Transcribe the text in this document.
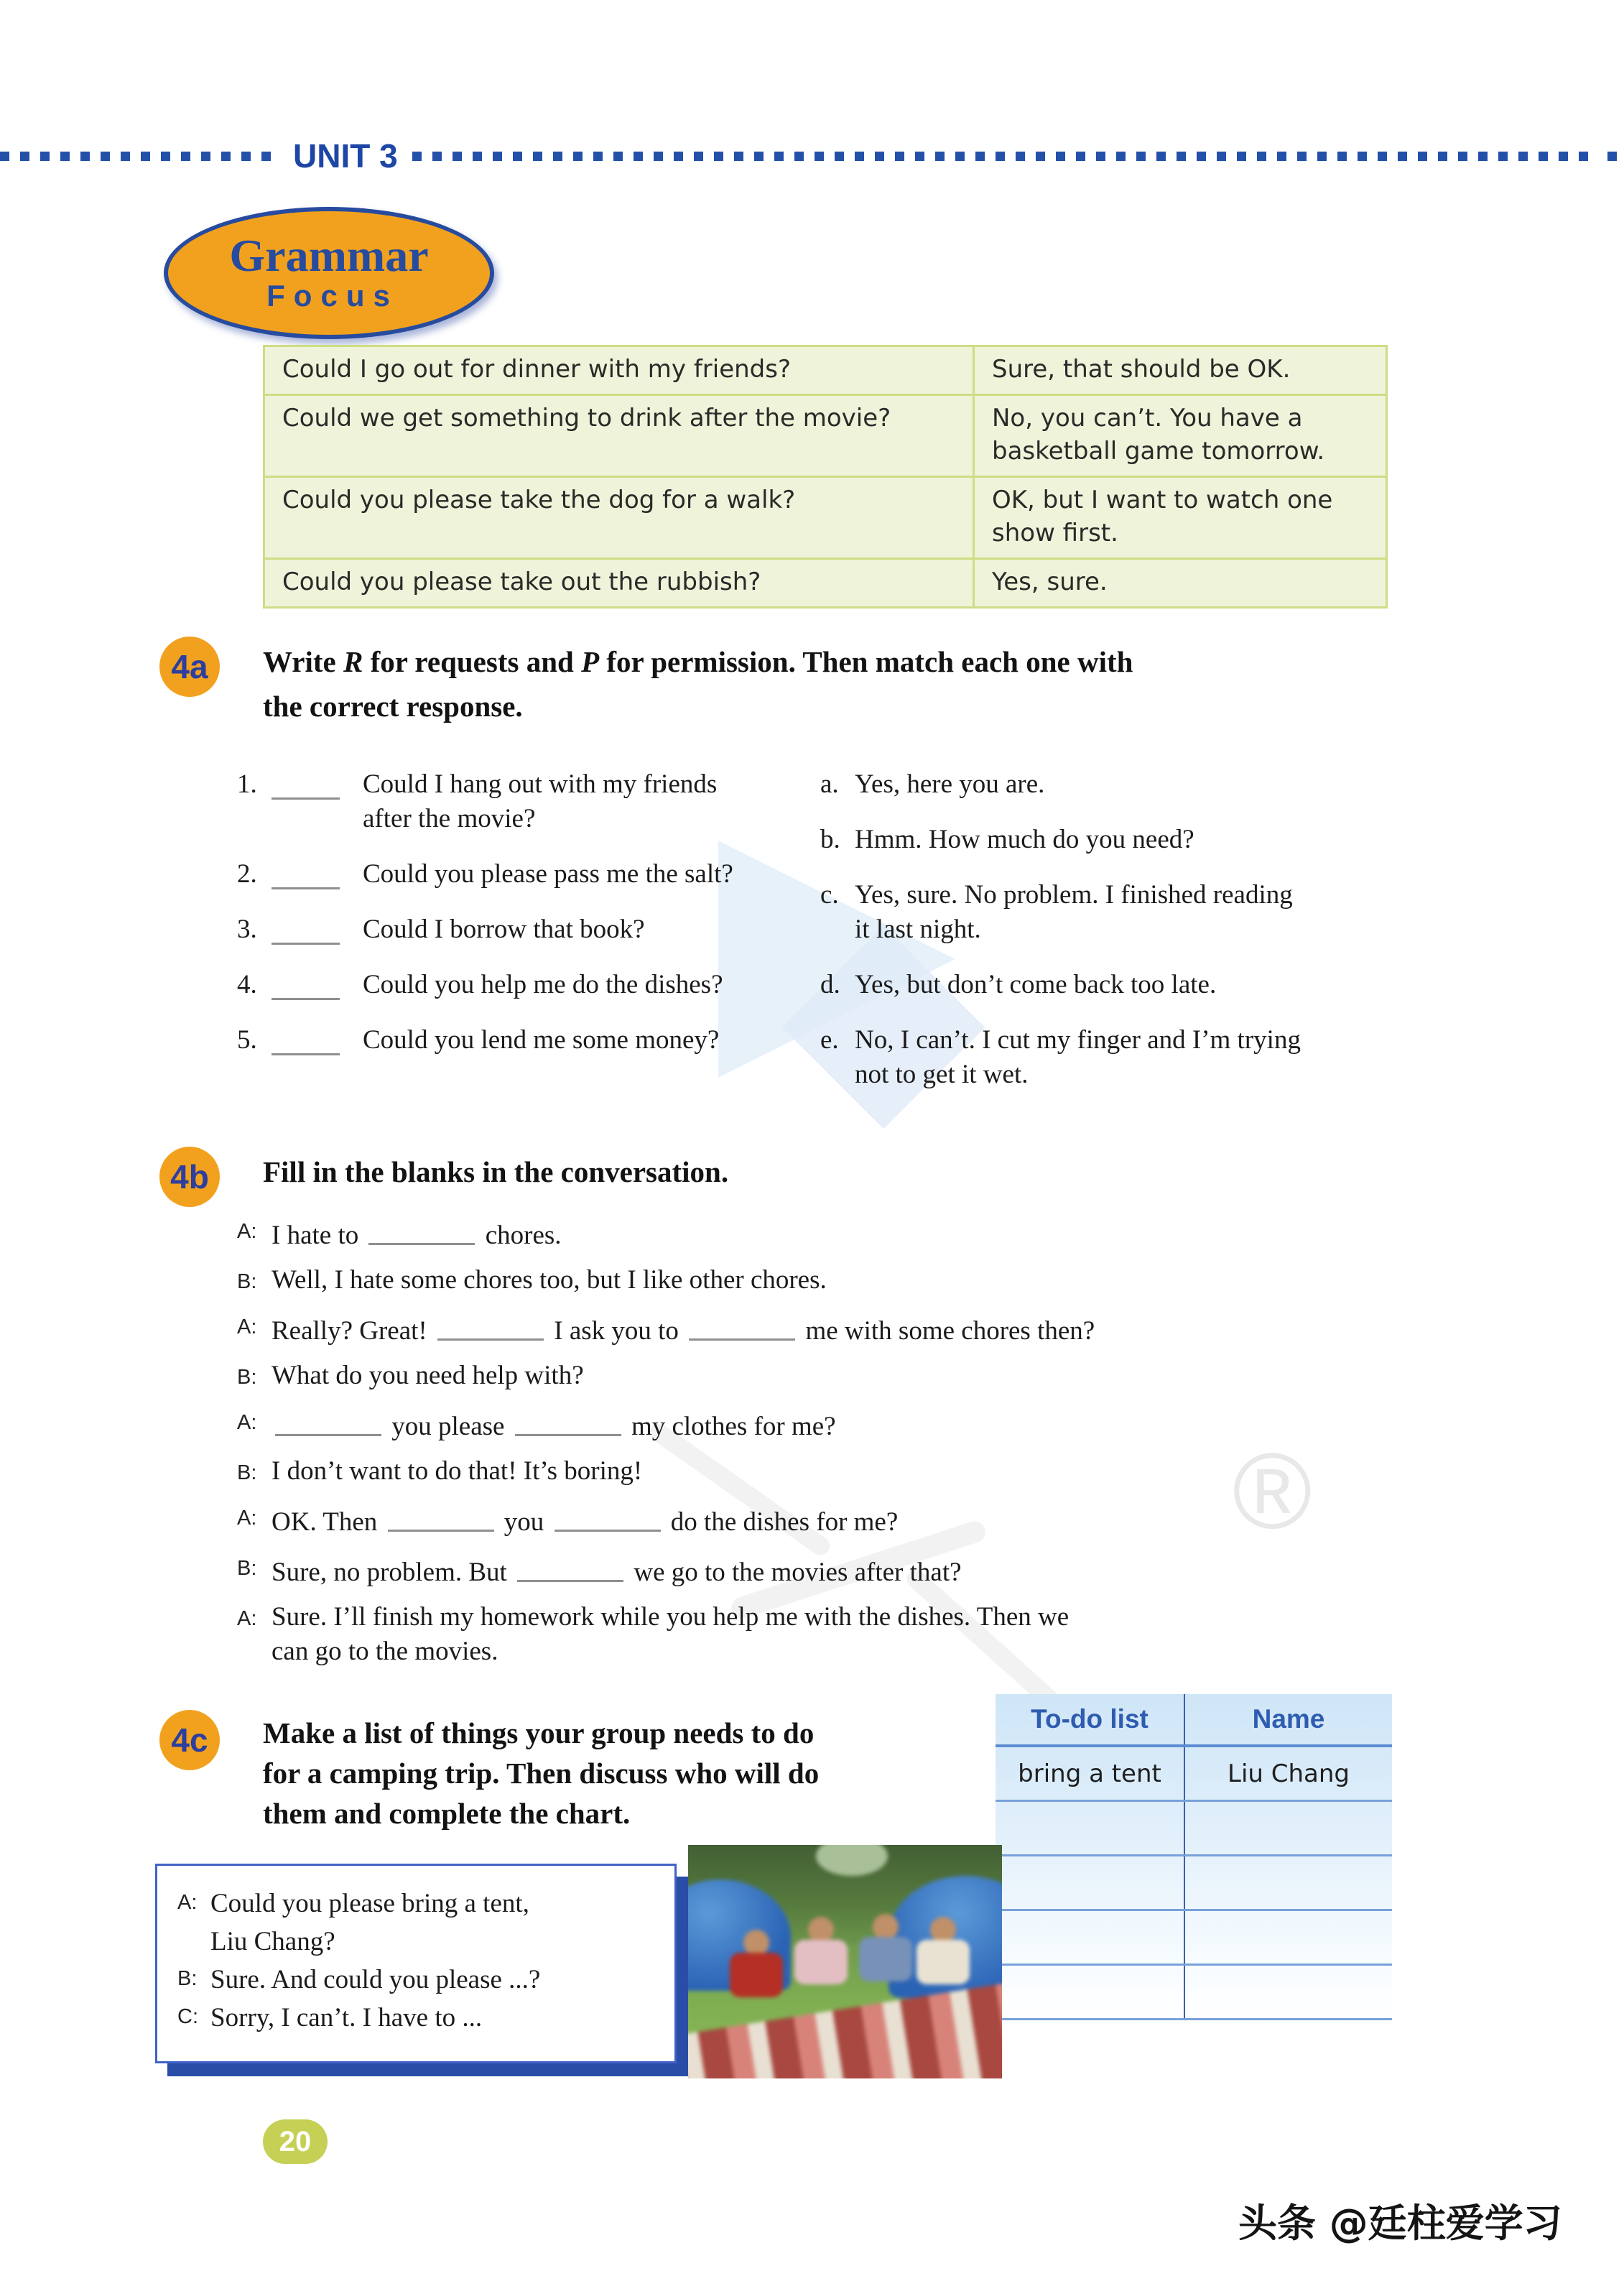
®
UNIT 3
Grammar
Focus
Could I go out for dinner with my friends?	Sure, that should be OK.
Could we get something to drink after the movie?	No, you can’t. You have a
basketball game tomorrow.
Could you please take the dog for a walk?	OK, but I want to watch one
show first.
Could you please take out the rubbish?	Yes, sure.
4a	Write R for requests and P for permission. Then match each one with
the correct response.
1.	Could I hang out with my friends
after the movie?
2.	Could you please pass me the salt?
3.	Could I borrow that book?
4.	Could you help me do the dishes?
5.	Could you lend me some money?
a. Yes, here you are.
b. Hmm. How much do you need?
c. Yes, sure. No problem. I finished reading
it last night.
d. Yes, but don’t come back too late.
e. No, I can’t. I cut my finger and I’m trying
not to get it wet.
4b	Fill in the blanks in the conversation.
A: I hate to	chores.
B: Well, I hate some chores too, but I like other chores.
A: Really? Great!	I ask you to	me with some chores then?
B: What do you need help with?
A:	you please	my clothes for me?
B: I don’t want to do that! It’s boring!
A: OK. Then	you	do the dishes for me?
B: Sure, no problem. But	we go to the movies after that?
A: Sure. I’ll finish my homework while you help me with the dishes. Then we
can go to the movies.
4c	Make a list of things your group needs to do
for a camping trip. Then discuss who will do
them and complete the chart.
To-do list	Name
bring a tent	Liu Chang
A: Could you please bring a tent,
Liu Chang?
B: Sure. And could you please ...?
C: Sorry, I can’t. I have to ...
20
头条 @廷柱爱学习
